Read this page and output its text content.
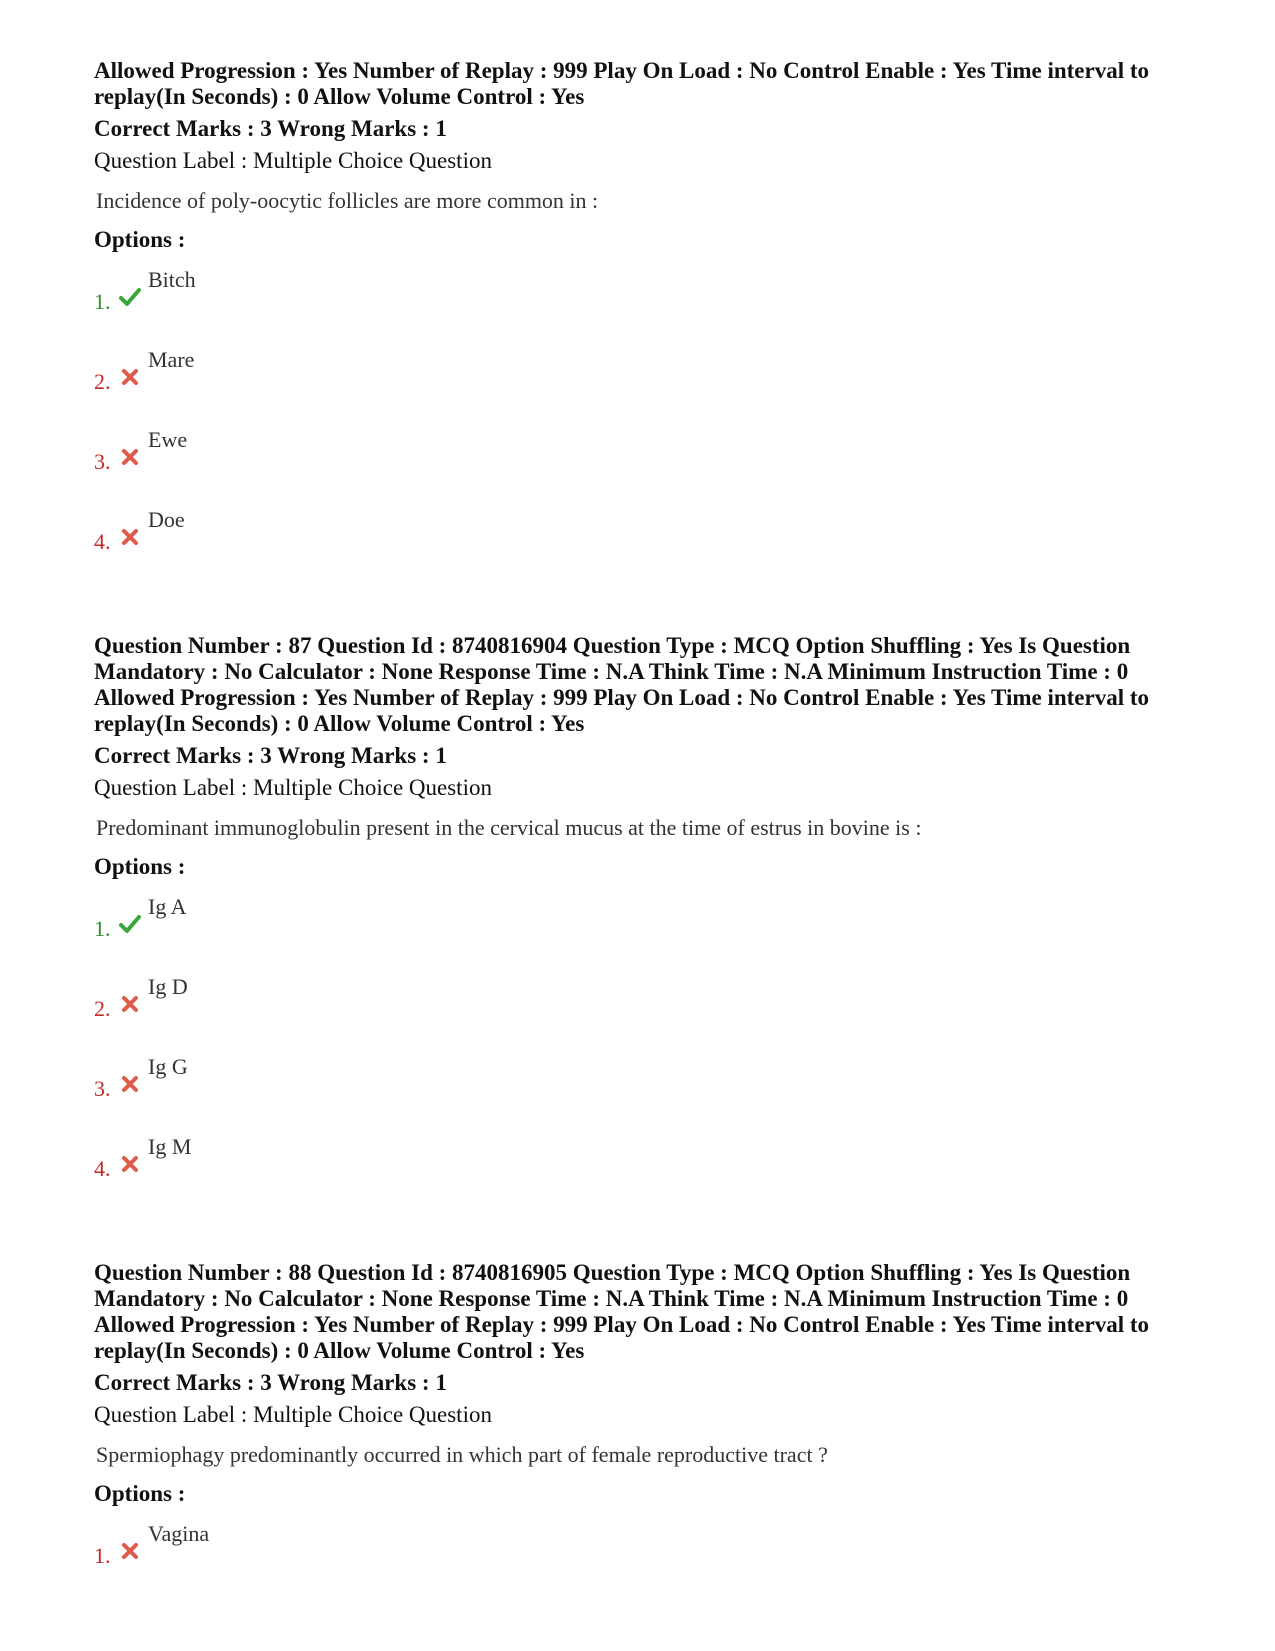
Allowed Progression : Yes Number of Replay : 999 Play On Load : No Control Enable : Yes Time interval to replay(In Seconds) : 0 Allow Volume Control : Yes
Correct Marks : 3 Wrong Marks : 1
Question Label : Multiple Choice Question
Incidence of poly-oocytic follicles are more common in :
Options :
1.
Bitch
2.
Mare
3.
Ewe
4.
Doe
Question Number : 87 Question Id : 8740816904 Question Type : MCQ Option Shuffling : Yes Is Question Mandatory : No Calculator : None Response Time : N.A Think Time : N.A Minimum Instruction Time : 0 Allowed Progression : Yes Number of Replay : 999 Play On Load : No Control Enable : Yes Time interval to replay(In Seconds) : 0 Allow Volume Control : Yes
Correct Marks : 3 Wrong Marks : 1
Question Label : Multiple Choice Question
Predominant immunoglobulin present in the cervical mucus at the time of estrus in bovine is :
Options :
1.
Ig A
2.
Ig D
3.
Ig G
4.
Ig M
Question Number : 88 Question Id : 8740816905 Question Type : MCQ Option Shuffling : Yes Is Question Mandatory : No Calculator : None Response Time : N.A Think Time : N.A Minimum Instruction Time : 0 Allowed Progression : Yes Number of Replay : 999 Play On Load : No Control Enable : Yes Time interval to replay(In Seconds) : 0 Allow Volume Control : Yes
Correct Marks : 3 Wrong Marks : 1
Question Label : Multiple Choice Question
Spermiophagy predominantly occurred in which part of female reproductive tract ?
Options :
1.
Vagina
